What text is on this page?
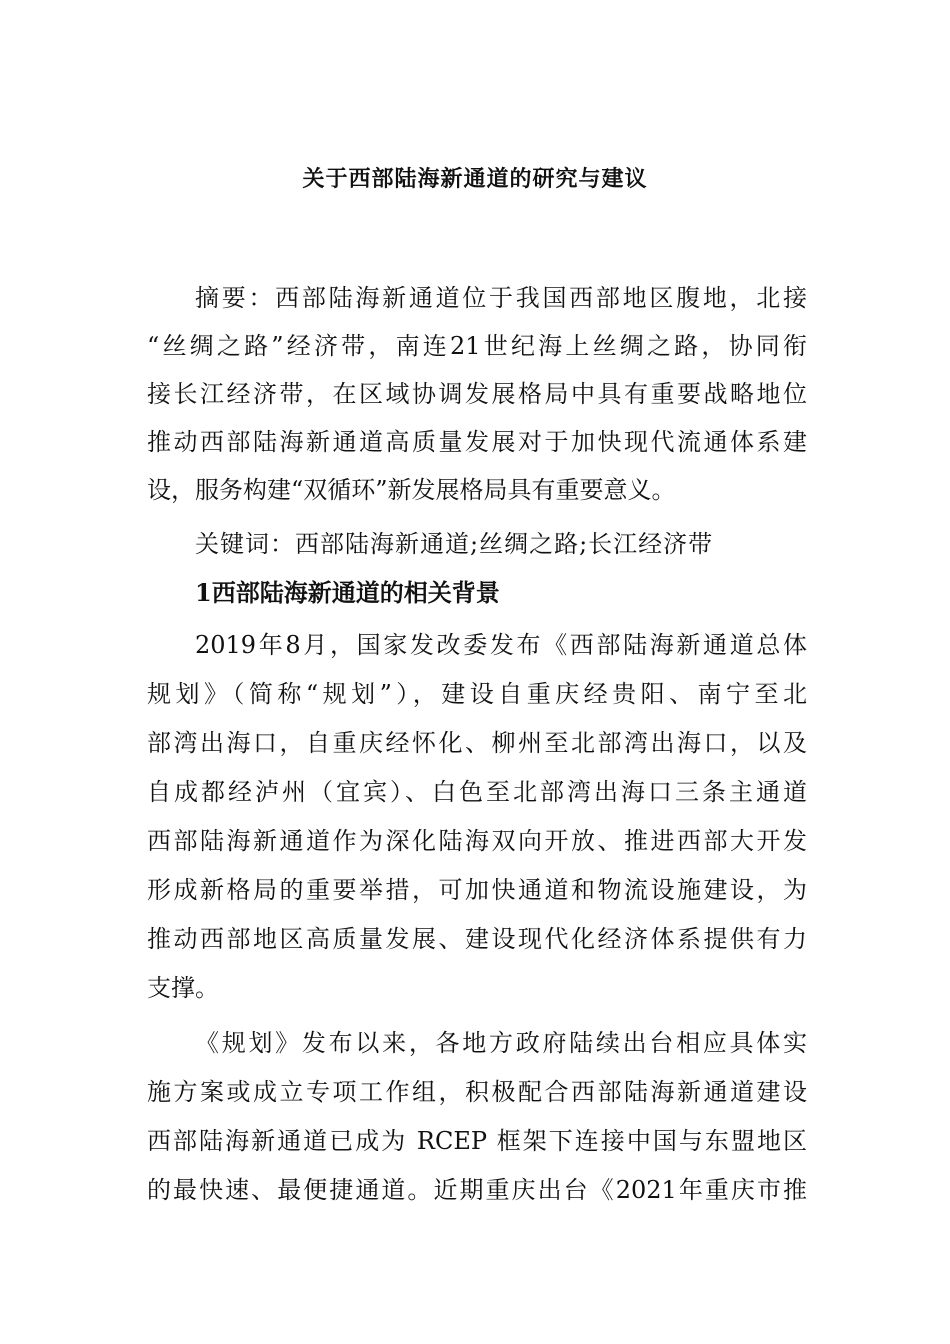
关于西部陆海新通道的研究与建议
摘要：西部陆海新通道位于我国西部地区腹地，北接
“丝绸之路”经济带，南连21世纪海上丝绸之路，协同衔
接长江经济带，在区域协调发展格局中具有重要战略地位
推动西部陆海新通道高质量发展对于加快现代流通体系建
设，服务构建“双循环”新发展格局具有重要意义。
关键词：西部陆海新通道;丝绸之路;长江经济带
1西部陆海新通道的相关背景
2019年8月，国家发改委发布《西部陆海新通道总体
规划》（简称“规划”），建设自重庆经贵阳、南宁至北
部湾出海口，自重庆经怀化、柳州至北部湾出海口，以及
自成都经泸州（宜宾）、白色至北部湾出海口三条主通道
西部陆海新通道作为深化陆海双向开放、推进西部大开发
形成新格局的重要举措，可加快通道和物流设施建设，为
推动西部地区高质量发展、建设现代化经济体系提供有力
支撑。
《规划》发布以来，各地方政府陆续出台相应具体实
施方案或成立专项工作组，积极配合西部陆海新通道建设
西部陆海新通道已成为 RCEP 框架下连接中国与东盟地区
的最快速、最便捷通道。近期重庆出台《2021年重庆市推
